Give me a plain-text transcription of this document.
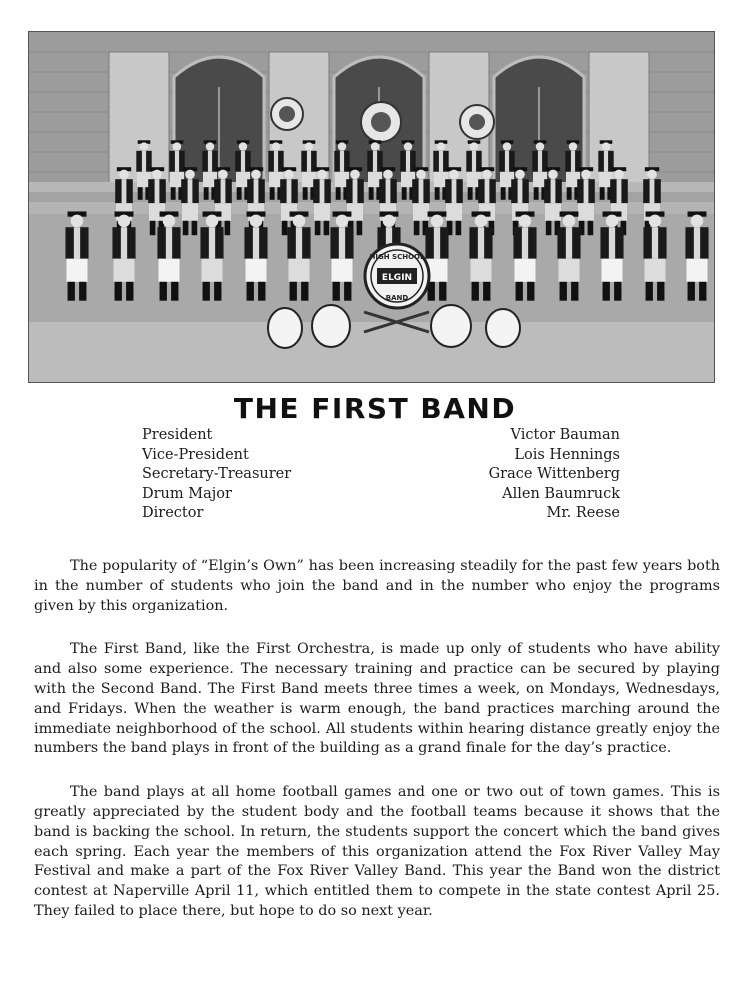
ELGIN
HIGH SCHOOL
BAND
THE FIRST BAND
President	Victor Bauman
Vice-President	Lois Hennings
Secretary-Treasurer	Grace Wittenberg
Drum Major	Allen Baumruck
Director	Mr. Reese

The popularity of “Elgin’s Own” has been increasing steadily for the past few years both in the number of students who join the band and in the number who enjoy the programs given by this organization.

The First Band, like the First Orchestra, is made up only of students who have ability and also some experience. The necessary training and practice can be secured by playing with the Second Band. The First Band meets three times a week, on Mondays, Wednesdays, and Fridays. When the weather is warm enough, the band practices marching around the immediate neighborhood of the school. All students within hearing distance greatly enjoy the numbers the band plays in front of the building as a grand finale for the day’s practice.

The band plays at all home football games and one or two out of town games. This is greatly appreciated by the student body and the football teams because it shows that the band is backing the school. In return, the students support the concert which the band gives each spring. Each year the members of this organization attend the Fox River Valley May Festival and make a part of the Fox River Valley Band. This year the Band won the district contest at Naperville April 11, which entitled them to compete in the state contest April 25. They failed to place there, but hope to do so next year.
